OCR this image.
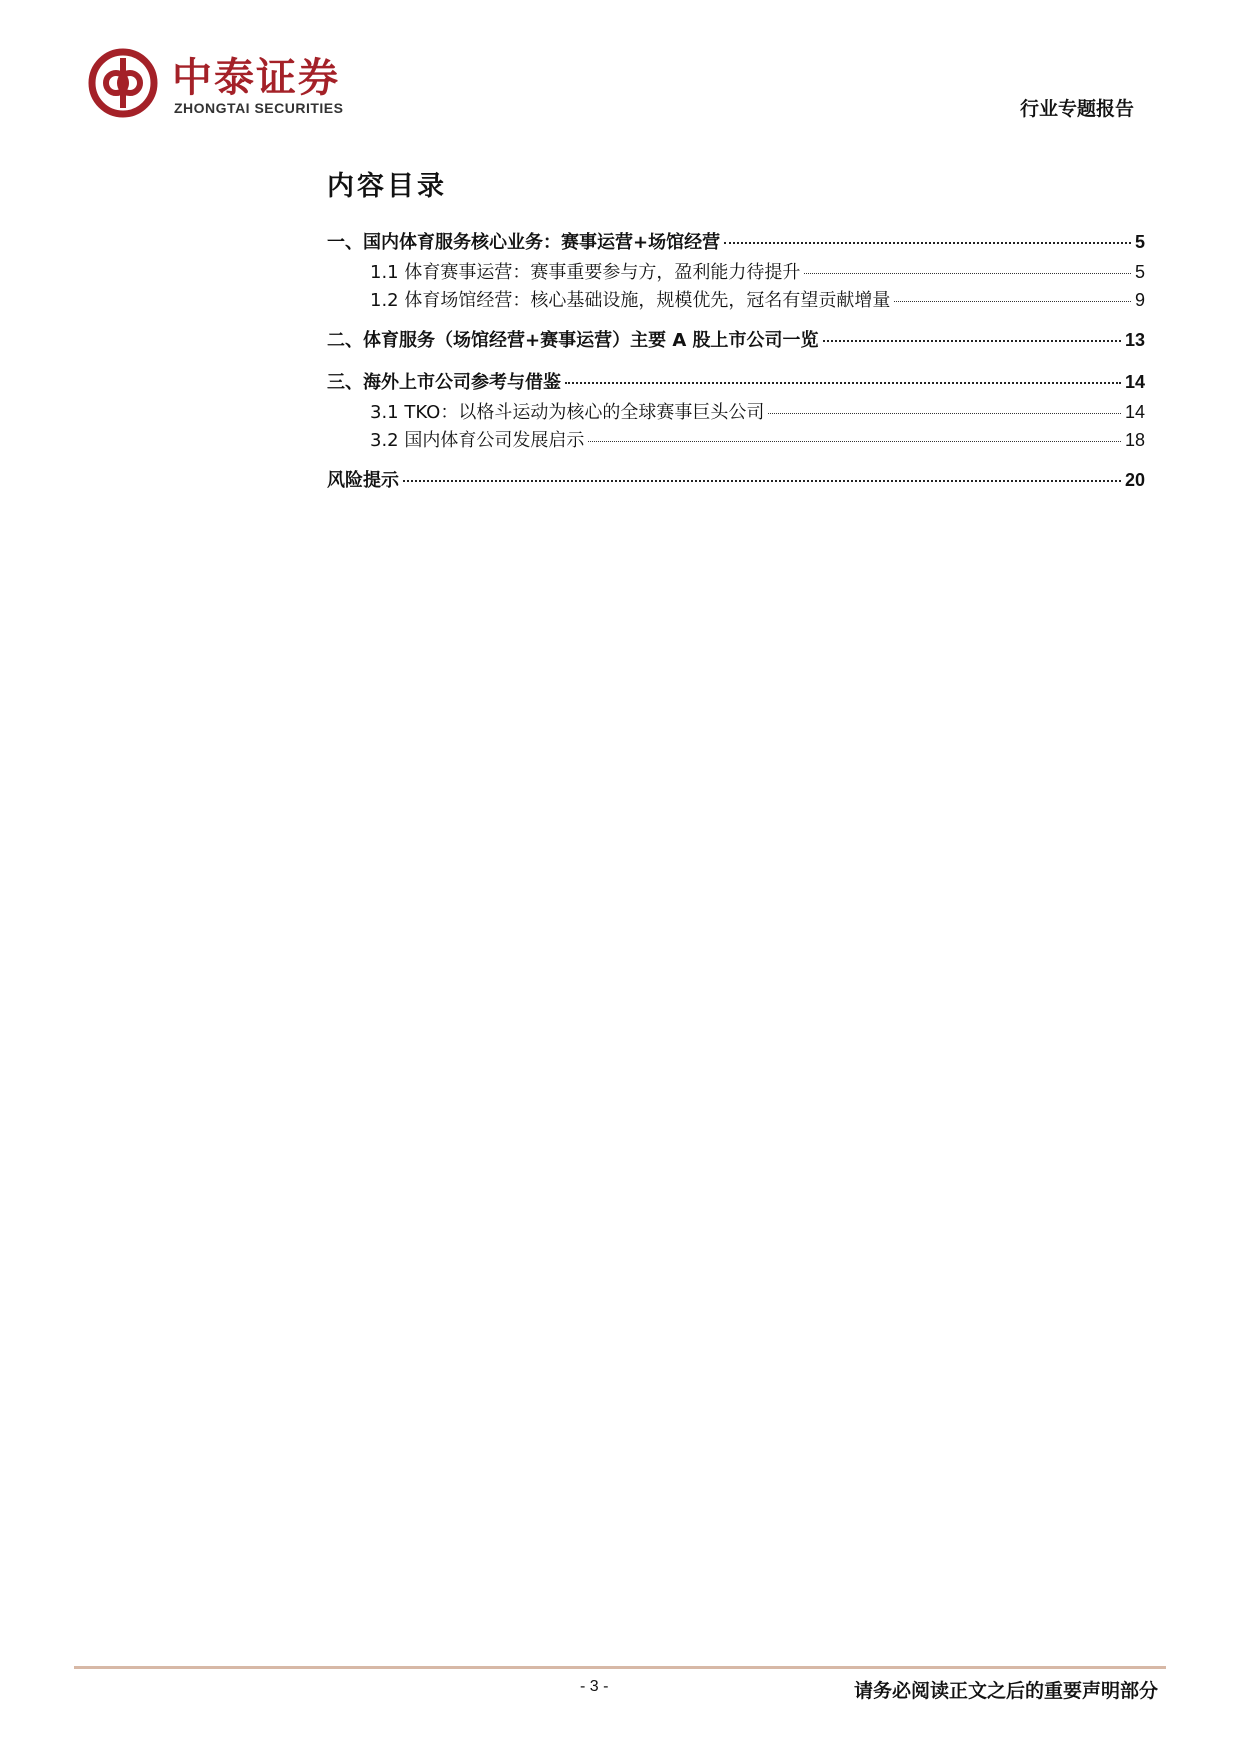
中泰证券
ZHONGTAI SECURITIES	行业专题报告
内容目录
一、国内体育服务核心业务：赛事运营+场馆经营	5
1.1 体育赛事运营：赛事重要参与方，盈利能力待提升	5
1.2 体育场馆经营：核心基础设施，规模优先，冠名有望贡献增量	9
二、体育服务（场馆经营+赛事运营）主要 A 股上市公司一览	13
三、海外上市公司参考与借鉴	14
3.1 TKO：以格斗运动为核心的全球赛事巨头公司	14
3.2 国内体育公司发展启示	18
风险提示	20
- 3 -	请务必阅读正文之后的重要声明部分
